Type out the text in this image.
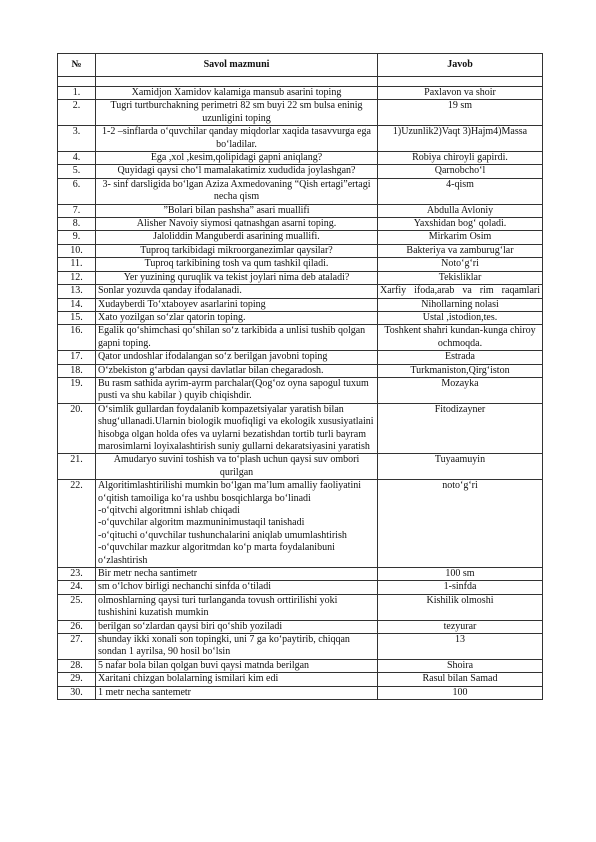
№	Savol mazmuni	Javob

1.	Xamidjon Xamidov kalamiga mansub asarini toping	Paxlavon va shoir
2.	Tugri turtburchakning perimetri 82 sm buyi 22 sm bulsa eninig uzunligini toping	19 sm
3.	1-2 –sinflarda o‘quvchilar qanday miqdorlar xaqida tasavvurga ega bo‘ladilar.	1)Uzunlik2)Vaqt 3)Hajm4)Massa
4.	Ega ,xol ,kesim,qolipidagi gapni aniqlang?	Robiya chiroyli gapirdi.
5.	Quyidagi qaysi cho‘l mamalakatimiz xududida joylashgan?	Qarnobcho‘l
6.	3- sinf darsligida bo‘lgan Aziza Axmedovaning “Qish ertagi”ertagi necha qism	4-qism
7.	”Bolari bilan pashsha” asari muallifi	Abdulla Avloniy
8.	Alisher Navoiy siymosi qatnashgan asarni toping.	Yaxshidan bog‘ qoladi.
9.	Jaloliddin Manguberdi asarining muallifi.	Mirkarim Osim
10.	Tuproq tarkibidagi mikroorganezimlar qaysilar?	Bakteriya va zamburug‘lar
11.	Tuproq tarkibining tosh va qum tashkil qiladi.	Noto‘g‘ri
12.	Yer yuzining quruqlik va tekist joylari nima deb ataladi?	Tekisliklar
13.	Sonlar yozuvda qanday ifodalanadi.	Xarfiy ifoda,arab va rim raqamlari
14.	Xudayberdi To‘xtaboyev asarlarini toping	Nihollarning nolasi
15.	Xato yozilgan so‘zlar qatorin toping.	Ustal ,istodion,tes.
16.	Egalik qo‘shimchasi qo‘shilan so‘z tarkibida a unlisi tushib qolgan gapni toping.	Toshkent shahri kundan-kunga chiroy ochmoqda.
17.	Qator undoshlar ifodalangan so‘z berilgan javobni toping	Estrada
18.	O‘zbekiston g‘arbdan qaysi davlatlar bilan chegaradosh.	Turkmaniston,Qirg‘iston
19.	Bu rasm sathida ayrim-ayrm parchalar(Qog‘oz oyna sapogul tuxum pusti va shu kabilar ) quyib chiqishdir.	Mozayka
20.	O‘simlik gullardan foydalanib kompazetsiyalar yaratish bilan shug‘ullanadi.Ularnin biologik muofiqligi va ekologik xususiyatlaini hisobga olgan holda ofes va uylarni bezatishdan tortib turli bayram marosimlarni loyixalashtirish suniy gullarni dekaratsiyasini yaratish	Fitodizayner
21.	Amudaryo suvini toshish va to‘plash uchun qaysi suv ombori qurilgan	Tuyaamuyin
22.	Algoritimlashtirilishi mumkin bo‘lgan ma’lum amalliy faoliyatini o‘qitish tamoiliga ko‘ra ushbu bosqichlarga bo‘linadi
-o‘qitvchi algoritmni ishlab chiqadi
-o‘quvchilar algoritm mazmuninimustaqil tanishadi
-o‘qituchi o‘quvchilar tushunchalarini aniqlab umumlashtirish
-o‘quvchilar mazkur algoritmdan ko‘p marta foydalanibuni o‘zlashtirish	noto‘g‘ri
23.	Bir metr necha santimetr	100 sm
24.	sm o‘lchov birligi nechanchi sinfda o‘tiladi	1-sinfda
25.	olmoshlarning qaysi turi turlanganda tovush orttirilishi yoki tushishini kuzatish mumkin	Kishilik olmoshi
26.	berilgan so‘zlardan qaysi biri qo‘shib yoziladi	tezyurar
27.	shunday ikki xonali son topingki, uni 7 ga ko‘paytirib, chiqqan sondan 1 ayrilsa, 90 hosil bo‘lsin	13
28.	5 nafar bola bilan qolgan buvi qaysi matnda berilgan	Shoira
29.	Xaritani chizgan bolalarning ismilari kim edi	Rasul bilan Samad
30.	1 metr necha santemetr	100
